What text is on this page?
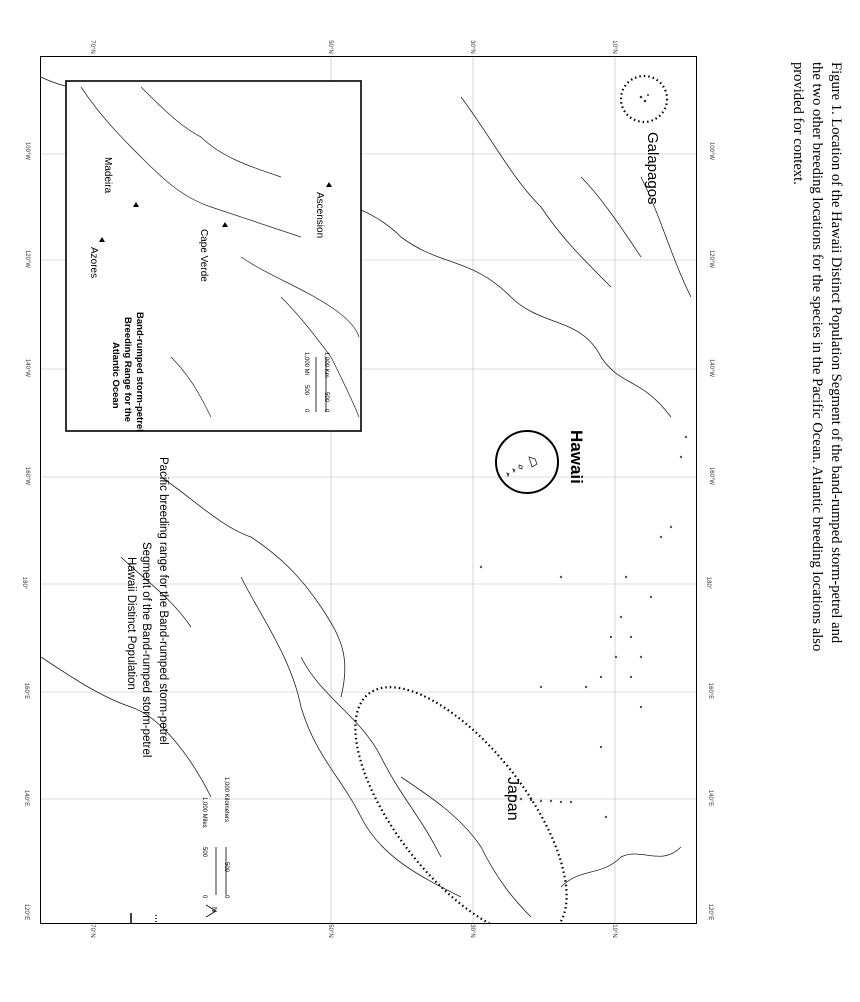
Hawaii
Japan
Galapagos
Hawaii Distinct Population Segment of the Band-rumped storm-petrel Pacific breeding range for the Band-rumped storm-petrel
1,000 Miles
0
500
1,000 Kilometers
0
500
N
Atlantic Ocean Breeding Range for the Band-rumped storm-petrel
Azores
Madeira
Cape Verde
Ascension
1,000 Mi 1,000 Km
0
500
0
500
100°W
120°W
140°W
160°W
180°
160°E
140°E
120°E
100°W
120°W
140°W
160°W
180°
160°E
140°E
120°E
70°N	50°N	30°N	10°N
70°N	50°N	30°N	10°N
Figure 1. Location of the Hawaii Distinct Population Segment of the band-rumped storm-petrel and
the two other breeding locations for the species in the Pacific Ocean. Atlantic breeding locations also
provided for context.
